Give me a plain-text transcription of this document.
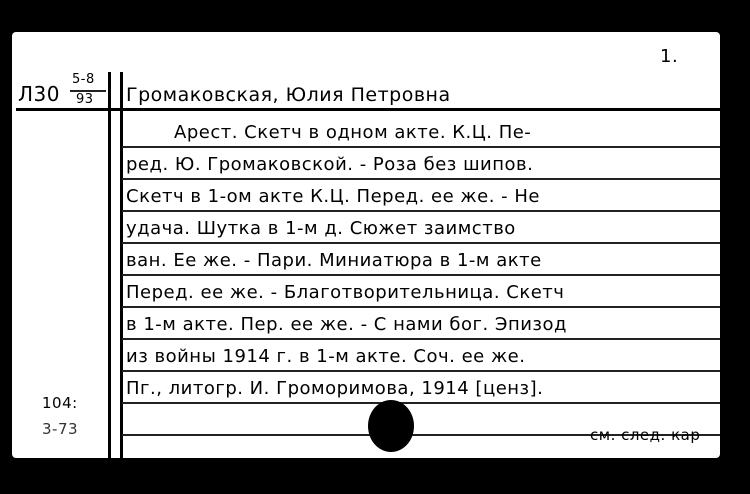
1.
Л30
5-8
93 Громаковская, Юлия Петровна
Арест. Скетч в одном акте. К.Ц. Пе-
ред. Ю. Громаковской. - Роза без шипов.
Скетч в 1-ом акте К.Ц. Перед. ее же. - Не
удача. Шутка в 1-м д. Сюжет заимство
ван. Ее же. - Пари. Миниатюра в 1-м акте
Перед. ее же. - Благотворительница. Скетч
в 1-м акте. Пер. ее же. - С нами бог. Эпизод
из войны 1914 г. в 1-м акте. Соч. ее же.
Пг., литогр. И. Громоримова, 1914 [ценз].
104:
3-73	см. след. кар
